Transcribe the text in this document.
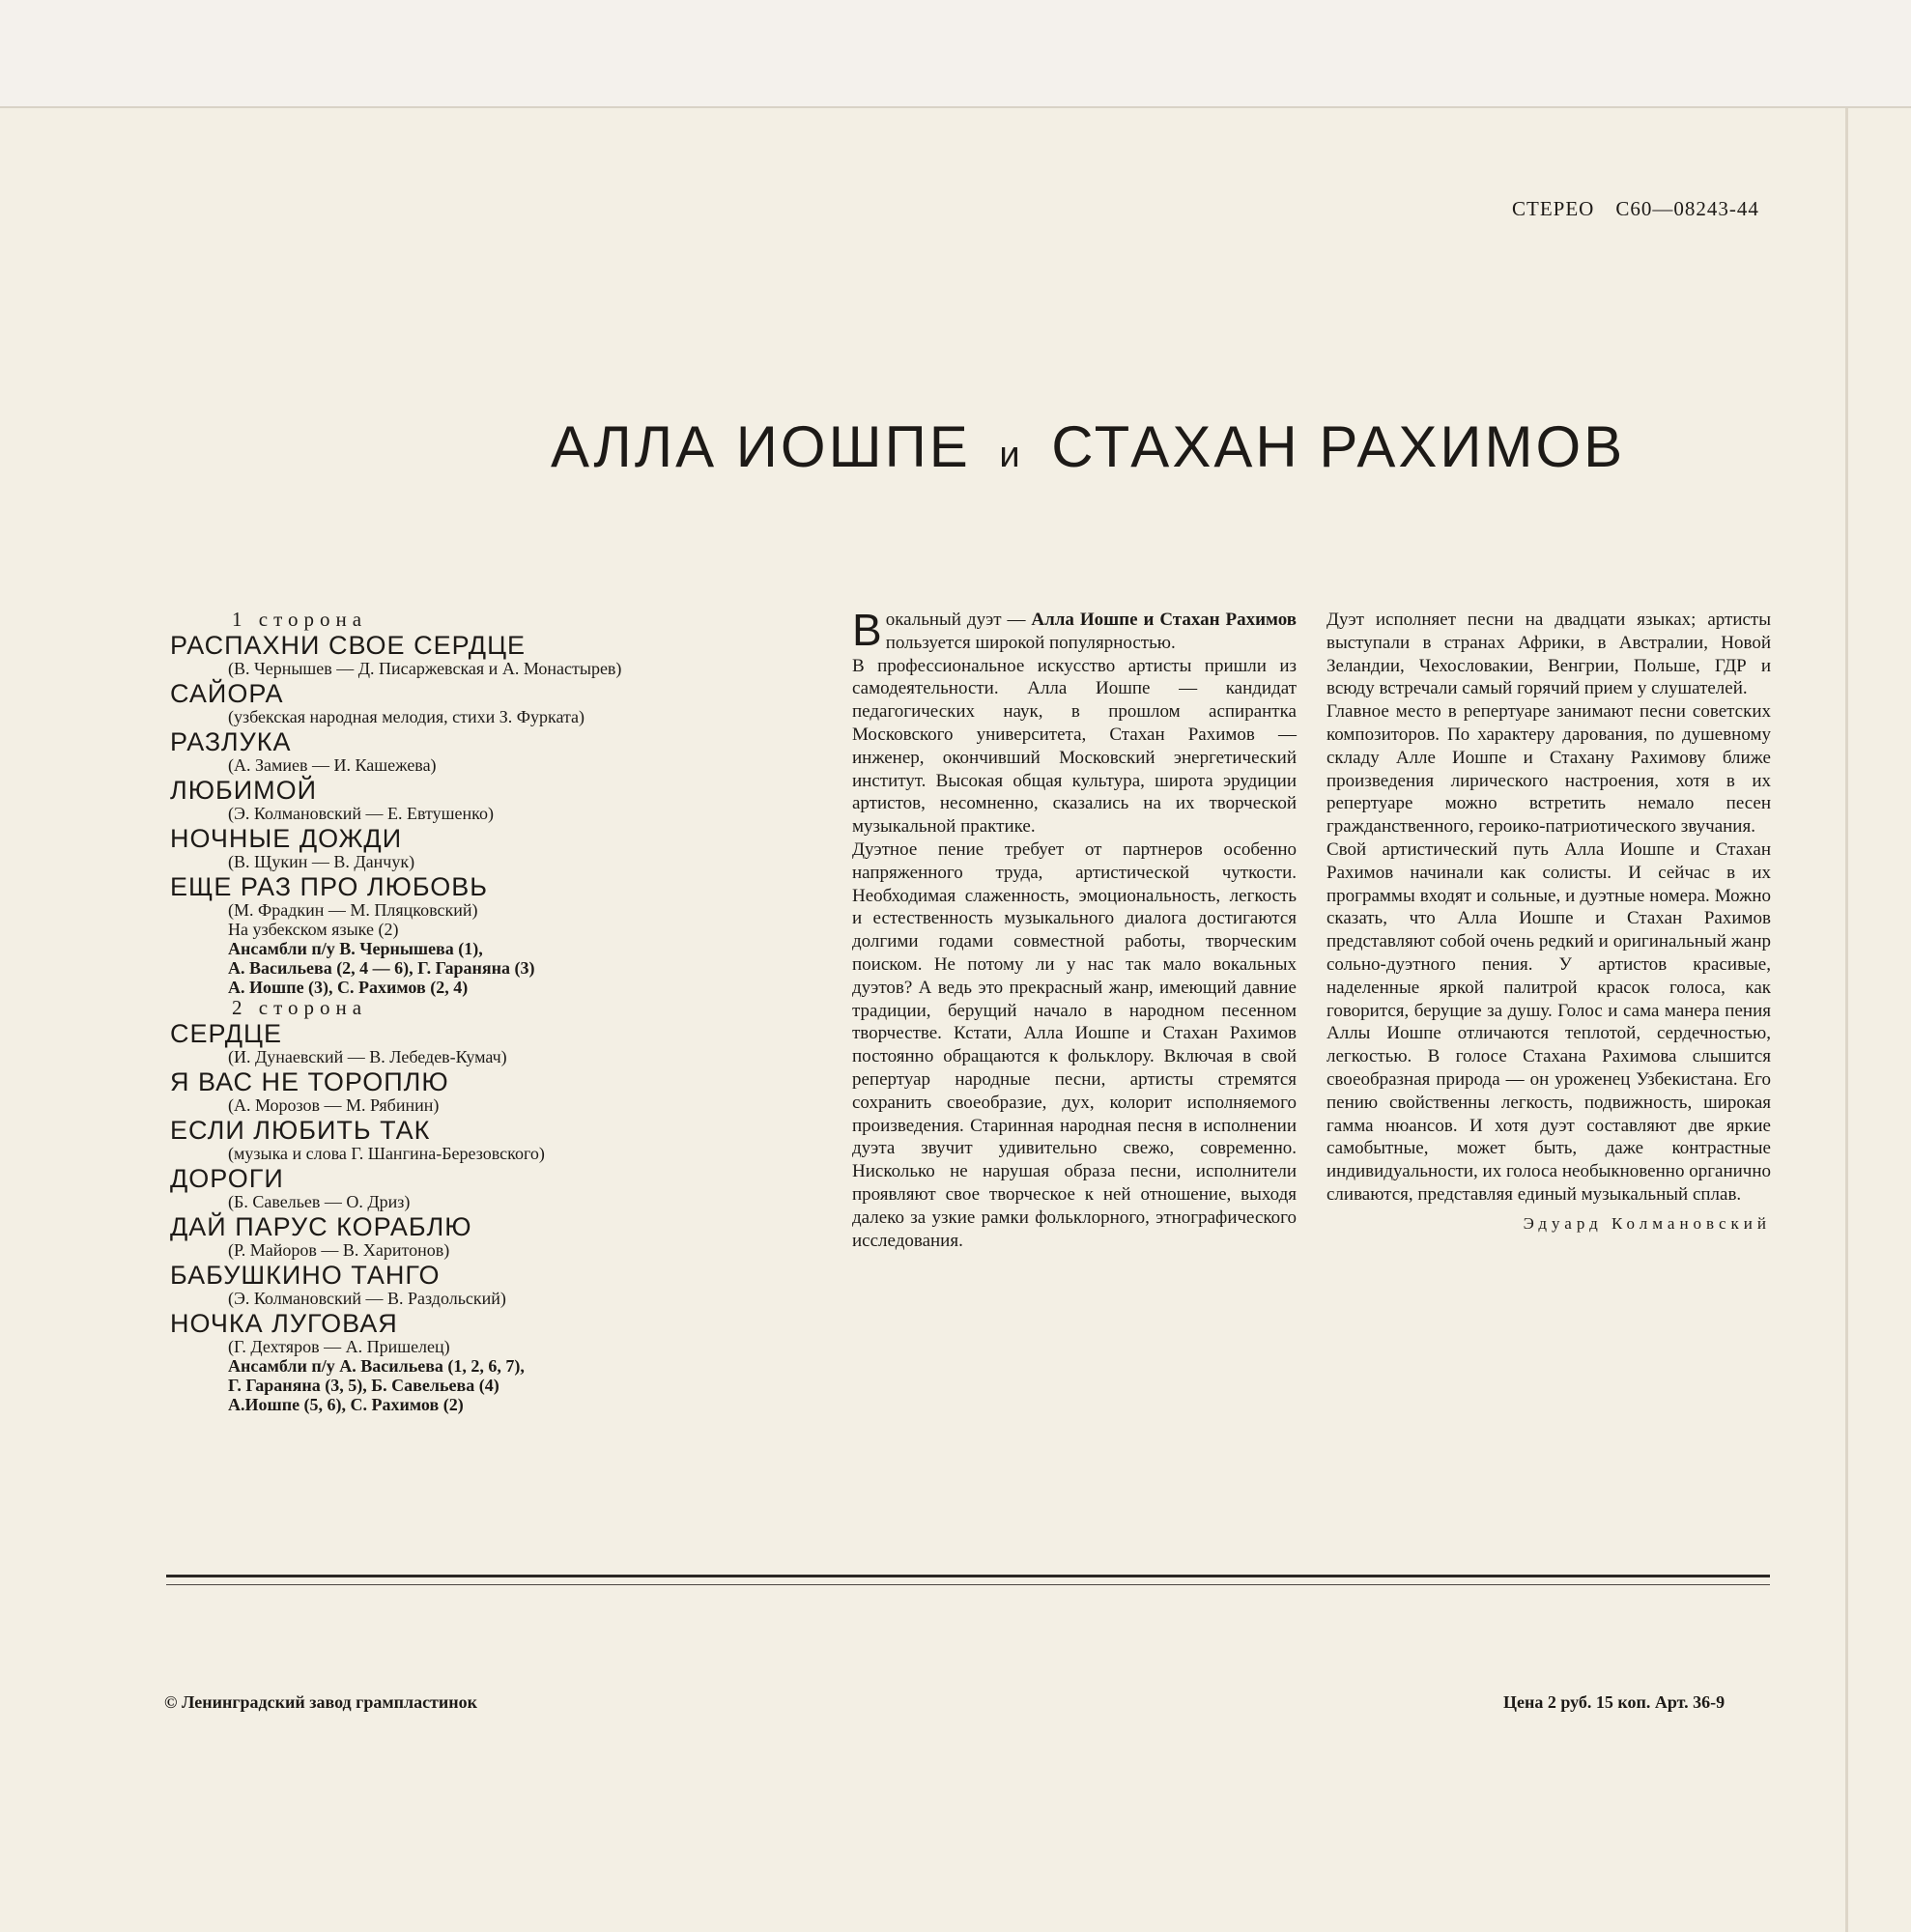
СТЕРЕО С60—08243-44
АЛЛА ИОШПЕ и СТАХАН РАХИМОВ
1 сторона
РАСПАХНИ СВОЕ СЕРДЦЕ
(В. Чернышев — Д. Писаржевская и А. Монастырев)
САЙОРА
(узбекская народная мелодия, стихи З. Фурката)
РАЗЛУКА
(А. Замиев — И. Кашежева)
ЛЮБИМОЙ
(Э. Колмановский — Е. Евтушенко)
НОЧНЫЕ ДОЖДИ
(В. Щукин — В. Данчук)
ЕЩЕ РАЗ ПРО ЛЮБОВЬ
(М. Фрадкин — М. Пляцковский)
На узбекском языке (2)
Ансамбли п/у В. Чернышева (1),
А. Васильева (2, 4 — 6), Г. Гараняна (3)
А. Иошпе (3), С. Рахимов (2, 4)
2 сторона
СЕРДЦЕ
(И. Дунаевский — В. Лебедев-Кумач)
Я ВАС НЕ ТОРОПЛЮ
(А. Морозов — М. Рябинин)
ЕСЛИ ЛЮБИТЬ ТАК
(музыка и слова Г. Шангина-Березовского)
ДОРОГИ
(Б. Савельев — О. Дриз)
ДАЙ ПАРУС КОРАБЛЮ
(Р. Майоров — В. Харитонов)
БАБУШКИНО ТАНГО
(Э. Колмановский — В. Раздольский)
НОЧКА ЛУГОВАЯ
(Г. Дехтяров — А. Пришелец)
Ансамбли п/у А. Васильева (1, 2, 6, 7),
Г. Гараняна (3, 5), Б. Савельева (4)
А.Иошпе (5, 6), С. Рахимов (2)

Вокальный дуэт — Алла Иошпе и Стахан Рахимов пользуется широкой популярностью.

В профессиональное искусство артисты пришли из самодеятельности. Алла Иошпе — кандидат педагогических наук, в прошлом аспирантка Московского университета, Стахан Рахимов — инженер, окончивший Московский энергетический институт. Высокая общая культура, широта эрудиции артистов, несомненно, сказались на их творческой музыкальной практике.

Дуэтное пение требует от партнеров особенно напряженного труда, артистической чуткости. Необходимая слаженность, эмоциональность, легкость и естественность музыкального диалога достигаются долгими годами совместной работы, творческим поиском. Не потому ли у нас так мало вокальных дуэтов? А ведь это прекрасный жанр, имеющий давние традиции, берущий начало в народном песенном творчестве. Кстати, Алла Иошпе и Стахан Рахимов постоянно обращаются к фольклору. Включая в свой репертуар народные песни, артисты стремятся сохранить своеобразие, дух, колорит исполняемого произведения. Старинная народная песня в исполнении дуэта звучит удивительно свежо, современно. Нисколько не нарушая образа песни, исполнители проявляют свое творческое к ней отношение, выходя далеко за узкие рамки фольклорного, этнографического исследования.

Дуэт исполняет песни на двадцати языках; артисты выступали в странах Африки, в Австралии, Новой Зеландии, Чехословакии, Венгрии, Польше, ГДР и всюду встречали самый горячий прием у слушателей.

Главное место в репертуаре занимают песни советских композиторов. По характеру дарования, по душевному складу Алле Иошпе и Стахану Рахимову ближе произведения лирического настроения, хотя в их репертуаре можно встретить немало песен гражданственного, героико-патриотического звучания.

Свой артистический путь Алла Иошпе и Стахан Рахимов начинали как солисты. И сейчас в их программы входят и сольные, и дуэтные номера. Можно сказать, что Алла Иошпе и Стахан Рахимов представляют собой очень редкий и оригинальный жанр сольно-дуэтного пения. У артистов красивые, наделенные яркой палитрой красок голоса, как говорится, берущие за душу. Голос и сама манера пения Аллы Иошпе отличаются теплотой, сердечностью, легкостью. В голосе Стахана Рахимова слышится своеобразная природа — он уроженец Узбекистана. Его пению свойственны легкость, подвижность, широкая гамма нюансов. И хотя дуэт составляют две яркие самобытные, может быть, даже контрастные индивидуальности, их голоса необыкновенно органично сливаются, представляя единый музыкальный сплав.

Эдуард Колмановский
© Ленинградский завод грампластинок	Цена 2 руб. 15 коп. Арт. 36-9
